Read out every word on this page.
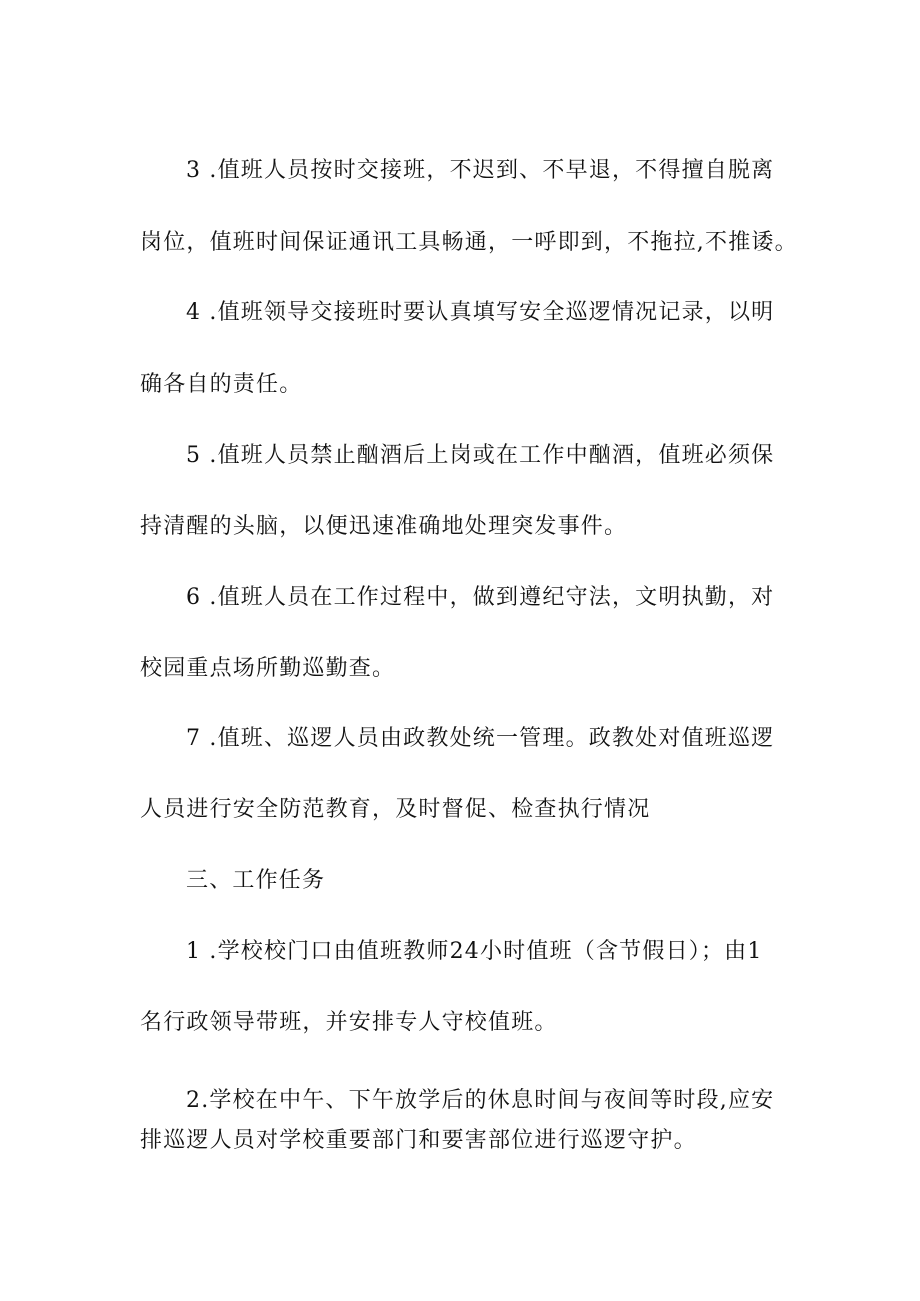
3 .值班人员按时交接班，不迟到、不早退，不得擅自脱离
岗位，值班时间保证通讯工具畅通，一呼即到，不拖拉,不推诿。
4 .值班领导交接班时要认真填写安全巡逻情况记录，以明
确各自的责任。
5 .值班人员禁止酗酒后上岗或在工作中酗酒，值班必须保
持清醒的头脑，以便迅速准确地处理突发事件。
6 .值班人员在工作过程中，做到遵纪守法，文明执勤，对
校园重点场所勤巡勤查。
7 .值班、巡逻人员由政教处统一管理。政教处对值班巡逻
人员进行安全防范教育，及时督促、检查执行情况
三、工作任务
1 .学校校门口由值班教师24小时值班（含节假日）；由1
名行政领导带班，并安排专人守校值班。
2.学校在中午、下午放学后的休息时间与夜间等时段,应安
排巡逻人员对学校重要部门和要害部位进行巡逻守护。
